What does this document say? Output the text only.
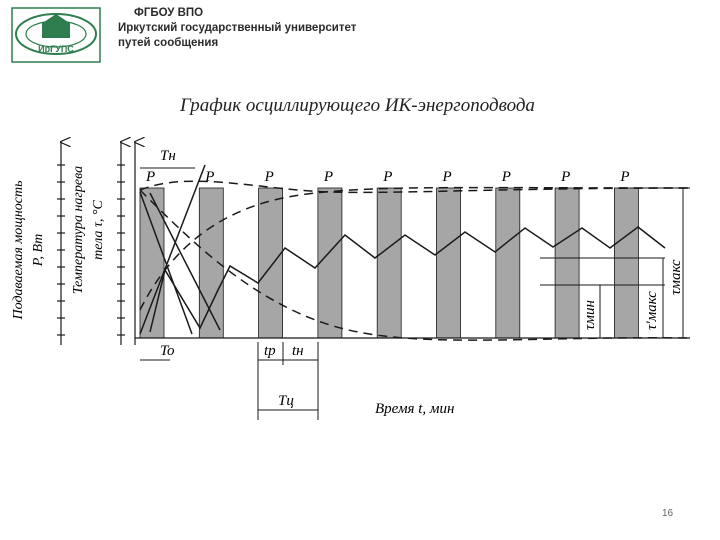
ИрГУПС
ФГБОУ ВПО
Иркутский государственный университет
путей сообщения
График осциллирующего ИК-энергоподвода
Подаваемая мощность P, Вт Температура нагрева тела τ, °С
P	P	P	P	P	P	P	P	P
τмин	τ'макс
τмакс
Tн
To	tр tн
Tц	Время t, мин
16
